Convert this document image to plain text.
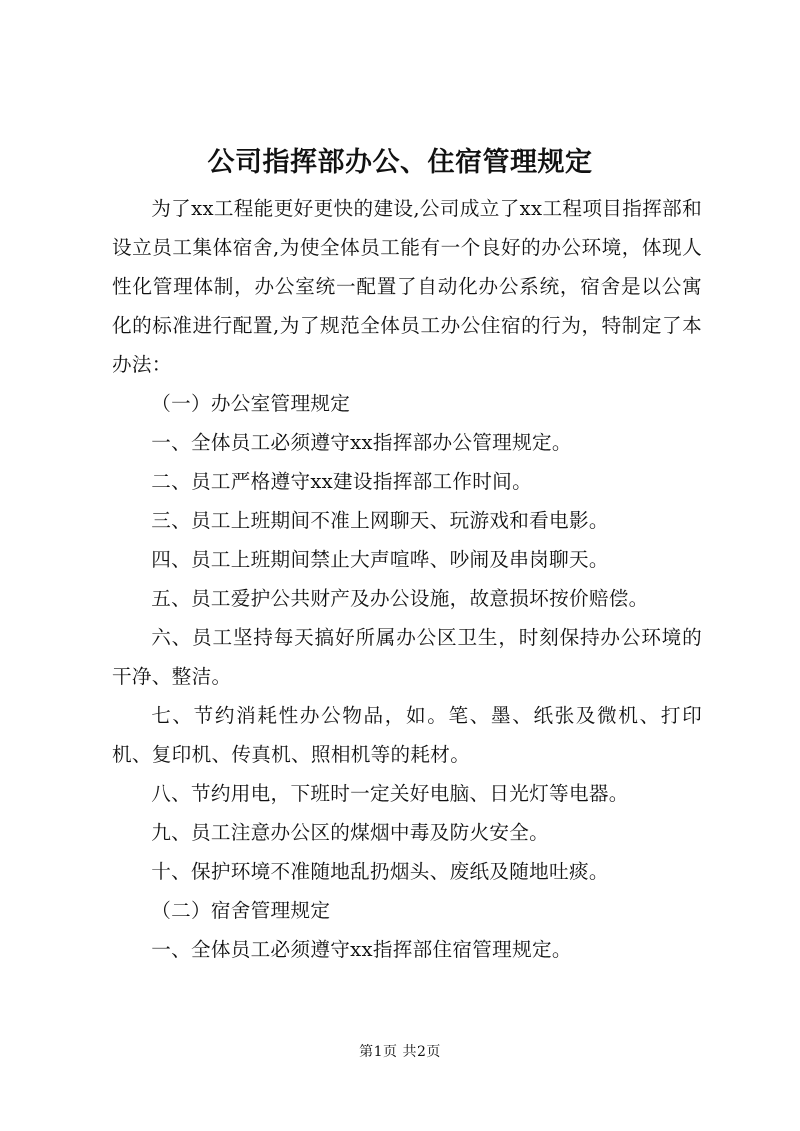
公司指挥部办公、住宿管理规定

为了xx工程能更好更快的建设,公司成立了xx工程项目指挥部和设立员工集体宿舍,为使全体员工能有一个良好的办公环境，体现人性化管理体制，办公室统一配置了自动化办公系统，宿舍是以公寓化的标准进行配置,为了规范全体员工办公住宿的行为，特制定了本办法：

（一）办公室管理规定

一、全体员工必须遵守xx指挥部办公管理规定。

二、员工严格遵守xx建设指挥部工作时间。

三、员工上班期间不准上网聊天、玩游戏和看电影。

四、员工上班期间禁止大声喧哗、吵闹及串岗聊天。

五、员工爱护公共财产及办公设施，故意损坏按价赔偿。

六、员工坚持每天搞好所属办公区卫生，时刻保持办公环境的干净、整洁。

七、节约消耗性办公物品，如。笔、墨、纸张及微机、打印机、复印机、传真机、照相机等的耗材。

八、节约用电，下班时一定关好电脑、日光灯等电器。

九、员工注意办公区的煤烟中毒及防火安全。

十、保护环境不准随地乱扔烟头、废纸及随地吐痰。

（二）宿舍管理规定

一、全体员工必须遵守xx指挥部住宿管理规定。

第1页 共2页
